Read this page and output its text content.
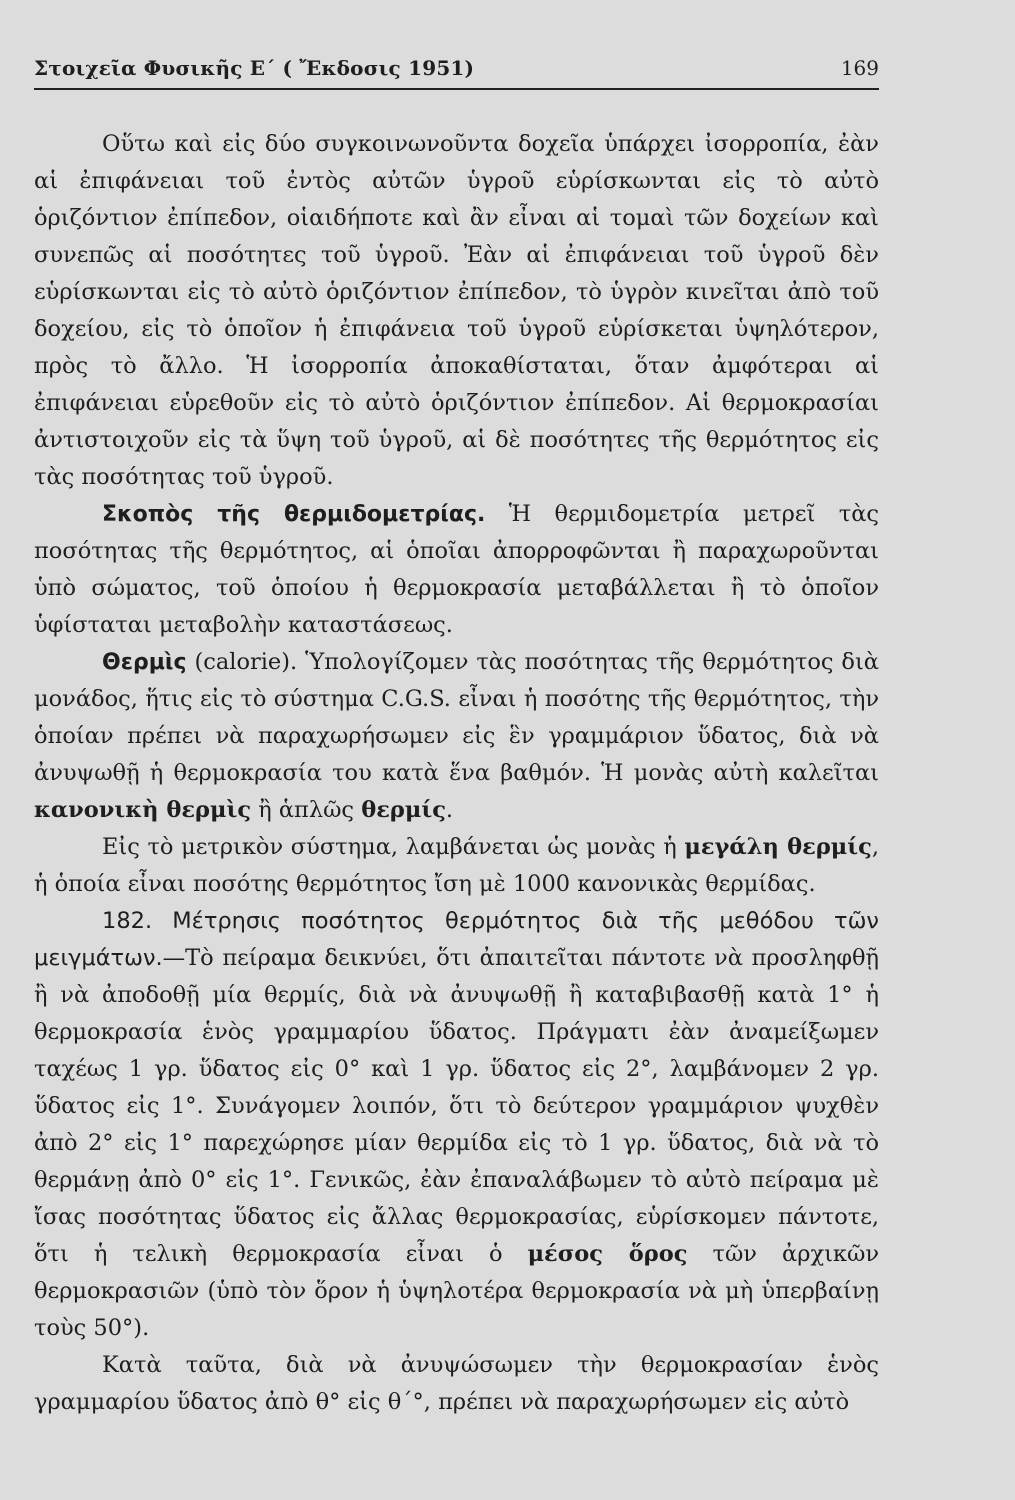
Στοιχεῖα Φυσικῆς Ε΄ ( Ἔκδοσις 1951)	169

Οὕτω καὶ εἰς δύο συγκοινωνοῦντα δοχεῖα ὑπάρχει ἰσορροπία, ἐὰν αἱ ἐπιφάνειαι τοῦ ἐντὸς αὐτῶν ὑγροῦ εὑρίσκωνται εἰς τὸ αὐτὸ ὁριζόντιον ἐπίπεδον, οἱαιδήποτε καὶ ἂν εἶναι αἱ τομαὶ τῶν δοχείων καὶ συνεπῶς αἱ ποσότητες τοῦ ὑγροῦ. Ἐὰν αἱ ἐπιφάνειαι τοῦ ὑγροῦ δὲν εὑρίσκωνται εἰς τὸ αὐτὸ ὁριζόντιον ἐπίπεδον, τὸ ὑγρὸν κινεῖται ἀπὸ τοῦ δοχείου, εἰς τὸ ὁποῖον ἡ ἐπιφάνεια τοῦ ὑγροῦ εὑρίσκεται ὑψηλότερον, πρὸς τὸ ἄλλο. Ἡ ἰσορροπία ἀποκαθίσταται, ὅταν ἀμφότεραι αἱ ἐπιφάνειαι εὑρεθοῦν εἰς τὸ αὐτὸ ὁριζόντιον ἐπίπεδον. Αἱ θερμοκρασίαι ἀντιστοιχοῦν εἰς τὰ ὕψη τοῦ ὑγροῦ, αἱ δὲ ποσότητες τῆς θερμότητος εἰς τὰς ποσότητας τοῦ ὑγροῦ.

Σκοπὸς τῆς θερμιδομετρίας. Ἡ θερμιδομετρία μετρεῖ τὰς ποσότητας τῆς θερμότητος, αἱ ὁποῖαι ἀπορροφῶνται ἢ παραχωροῦνται ὑπὸ σώματος, τοῦ ὁποίου ἡ θερμοκρασία μεταβάλλεται ἢ τὸ ὁποῖον ὑφίσταται μεταβολὴν καταστάσεως.

Θερμὶς (calorie). Ὑπολογίζομεν τὰς ποσότητας τῆς θερμότητος διὰ μονάδος, ἥτις εἰς τὸ σύστημα C.G.S. εἶναι ἡ ποσότης τῆς θερμότητος, τὴν ὁποίαν πρέπει νὰ παραχωρήσωμεν εἰς ἓν γραμμάριον ὕδατος, διὰ νὰ ἀνυψωθῇ ἡ θερμοκρασία του κατὰ ἕνα βαθμόν. Ἡ μονὰς αὐτὴ καλεῖται κανονικὴ θερμὶς ἢ ἁπλῶς θερμίς.

Εἰς τὸ μετρικὸν σύστημα, λαμβάνεται ὡς μονὰς ἡ μεγάλη θερμίς, ἡ ὁποία εἶναι ποσότης θερμότητος ἴση μὲ 1000 κανονικὰς θερμίδας.

182. Μέτρησις ποσότητος θερμότητος διὰ τῆς μεθόδου τῶν μειγμάτων.—Τὸ πείραμα δεικνύει, ὅτι ἀπαιτεῖται πάντοτε νὰ προσληφθῇ ἢ νὰ ἀποδοθῇ μία θερμίς, διὰ νὰ ἀνυψωθῇ ἢ καταβιβασθῇ κατὰ 1° ἡ θερμοκρασία ἑνὸς γραμμαρίου ὕδατος. Πράγματι ἐὰν ἀναμείξωμεν ταχέως 1 γρ. ὕδατος εἰς 0° καὶ 1 γρ. ὕδατος εἰς 2°, λαμβάνομεν 2 γρ. ὕδατος εἰς 1°. Συνάγομεν λοιπόν, ὅτι τὸ δεύτερον γραμμάριον ψυχθὲν ἀπὸ 2° εἰς 1° παρεχώρησε μίαν θερμίδα εἰς τὸ 1 γρ. ὕδατος, διὰ νὰ τὸ θερμάνῃ ἀπὸ 0° εἰς 1°. Γενικῶς, ἐὰν ἐπαναλάβωμεν τὸ αὐτὸ πείραμα μὲ ἴσας ποσότητας ὕδατος εἰς ἄλλας θερμοκρασίας, εὑρίσκομεν πάντοτε, ὅτι ἡ τελικὴ θερμοκρασία εἶναι ὁ μέσος ὅρος τῶν ἀρχικῶν θερμοκρασιῶν (ὑπὸ τὸν ὅρον ἡ ὑψηλοτέρα θερμοκρασία νὰ μὴ ὑπερβαίνῃ τοὺς 50°).

Κατὰ ταῦτα, διὰ νὰ ἀνυψώσωμεν τὴν θερμοκρασίαν ἑνὸς γραμμαρίου ὕδατος ἀπὸ θ° εἰς θ΄°, πρέπει νὰ παραχωρήσωμεν εἰς αὐτὸ
